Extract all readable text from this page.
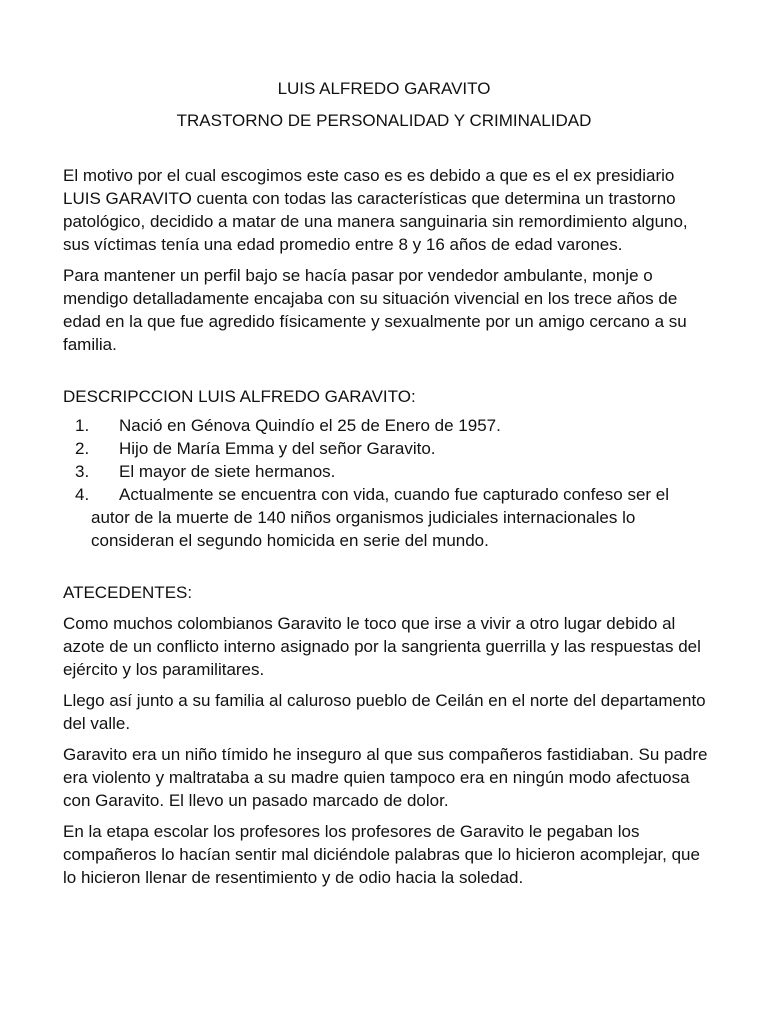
LUIS ALFREDO GARAVITO
TRASTORNO DE PERSONALIDAD Y CRIMINALIDAD

El motivo por el cual escogimos este caso es es debido a que es el ex presidiario LUIS GARAVITO cuenta con todas las características que determina un trastorno patológico, decidido a matar de una manera sanguinaria sin remordimiento alguno, sus víctimas tenía una edad promedio entre 8 y 16 años de edad varones.

Para mantener un perfil bajo se hacía pasar por vendedor ambulante, monje o mendigo detalladamente encajaba con su situación vivencial en los trece años de edad en la que fue agredido físicamente y sexualmente por un amigo cercano a su familia.

DESCRIPCCION LUIS ALFREDO GARAVITO:

1. Nació en Génova Quindío el 25 de Enero de 1957.
2. Hijo de María Emma y del señor Garavito.
3. El mayor de siete hermanos.
4.	Actualmente se encuentra con vida, cuando fue capturado confeso ser el
autor de la muerte de 140 niños organismos judiciales internacionales lo consideran el segundo homicida en serie del mundo.

ATECEDENTES:

Como muchos colombianos Garavito le toco que irse a vivir a otro lugar debido al azote de un conflicto interno asignado por la sangrienta guerrilla y las respuestas del ejército y los paramilitares.

Llego así junto a su familia al caluroso pueblo de Ceilán en el norte del departamento del valle.

Garavito era un niño tímido he inseguro al que sus compañeros fastidiaban. Su padre era violento y maltrataba a su madre quien tampoco era en ningún modo afectuosa con Garavito. El llevo un pasado marcado de dolor.

En la etapa escolar los profesores los profesores de Garavito le pegaban los compañeros lo hacían sentir mal diciéndole palabras que lo hicieron acomplejar, que lo hicieron llenar de resentimiento y de odio hacia la soledad.
